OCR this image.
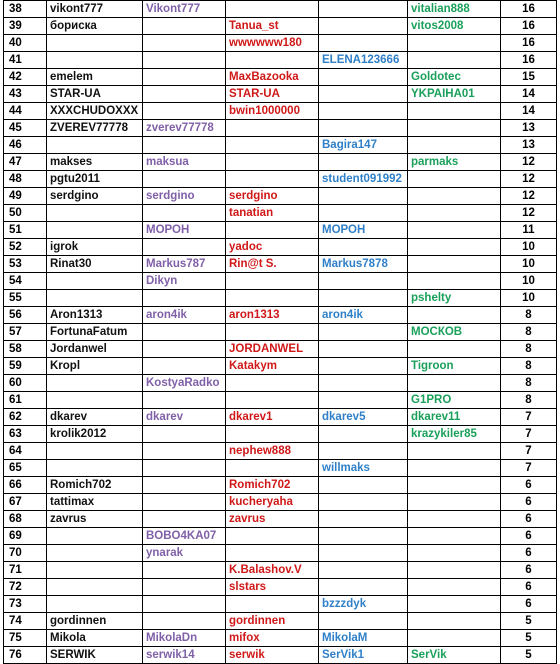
38	vikont777	Vikont777			vitalian888	16
39	бориска		Tanua_st		vitos2008	16
40			wwwwww180			16
41				ELENA123666		16
42	emelem		MaxBazooka		Goldotec	15
43	STAR-UA		STAR-UA		YKPAIHA01	14
44	XXXCHUDOXXX		bwin1000000			14
45	ZVEREV77778	zverev77778				13
46				Bagira147		13
47	makses	maksua			parmaks	12
48	pgtu2011			student091992		12
49	serdgino	serdgino	serdgino			12
50			tanatian			12
51		МОРОН		МОРОН		11
52	igrok		yadoc			10
53	Rinat30	Markus787	Rin@t S.	Markus7878		10
54		Dikyn				10
55					pshelty	10
56	Aron1313	aron4ik	aron1313	aron4ik		8
57	FortunaFatum				МОСКОВ	8
58	Jordanwel		JORDANWEL			8
59	Kropl		Katakym		Tigroon	8
60		KostyaRadko				8
61					G1PRO	8
62	dkarev	dkarev	dkarev1	dkarev5	dkarev11	7
63	krolik2012				krazykiler85	7
64			nephew888			7
65				willmaks		7
66	Romich702		Romich702			6
67	tattimax		kucheryaha			6
68	zavrus		zavrus			6
69		BOBO4KA07				6
70		ynarak				6
71			K.Balashov.V			6
72			slstars			6
73				bzzzdyk		6
74	gordinnen		gordinnen			5
75	Mikola	MikolaDn	mifox	MikolaM		5
76	SERWIK	serwik14	serwik	SerVik1	SerVik	5
